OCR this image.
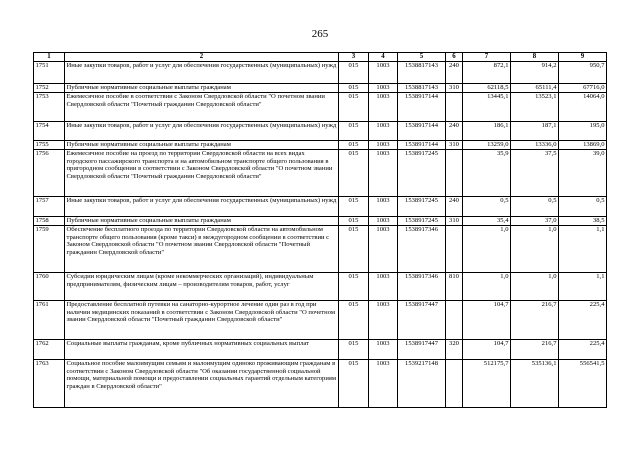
265
1	2	3	4	5	6	7	8	9
1751	Иные закупки товаров, работ и услуг для обеспечения государственных (муниципальных) нужд	015	1003	1538817143	240	872,1	914,2	950,7
1752	Публичные нормативные социальные выплаты гражданам	015	1003	1538817143	310	62118,5	65111,4	67716,0
1753	Ежемесячное пособие в соответствии с Законом Свердловской области "О почетном звании Свердловской области "Почетный гражданин Свердловской области"	015	1003	1538917144		13445,1	13523,1	14064,0
1754	Иные закупки товаров, работ и услуг для обеспечения государственных (муниципальных) нужд	015	1003	1538917144	240	186,1	187,1	195,0
1755	Публичные нормативные социальные выплаты гражданам	015	1003	1538917144	310	13259,0	13336,0	13869,0
1756	Ежемесячное пособие на проезд по территории Свердловской области на всех видах городского пассажирского транспорта и на автомобильном транспорте общего пользования в пригородном сообщении в соответствии с Законом Свердловской области "О почетном звании Свердловской области "Почетный гражданин Свердловской области"	015	1003	1538917245		35,9	37,5	39,0
1757	Иные закупки товаров, работ и услуг для обеспечения государственных (муниципальных) нужд	015	1003	1538917245	240	0,5	0,5	0,5
1758	Публичные нормативные социальные выплаты гражданам	015	1003	1538917245	310	35,4	37,0	38,5
1759	Обеспечение бесплатного проезда по территории Свердловской области на автомобильном транспорте общего пользования (кроме такси) в междугородном сообщении в соответствии с Законом Свердловской области "О почетном звании Свердловской области "Почетный гражданин Свердловской области"	015	1003	1538917346		1,0	1,0	1,1
1760	Субсидии юридическим лицам (кроме некоммерческих организаций), индивидуальным предпринимателям, физическим лицам – производителям товаров, работ, услуг	015	1003	1538917346	810	1,0	1,0	1,1
1761	Предоставление бесплатной путевки на санаторно-курортное лечение один раз в год при наличии медицинских показаний в соответствии с Законом Свердловской области "О почетном звании Свердловской области "Почетный гражданин Свердловской области"	015	1003	1538917447		104,7	216,7	225,4
1762	Социальные выплаты гражданам, кроме публичных нормативных социальных выплат	015	1003	1538917447	320	104,7	216,7	225,4
1763	Социальное пособие малоимущим семьям и малоимущим одиноко проживающим гражданам в соответствии с Законом Свердловской области "Об оказании государственной социальной помощи, материальной помощи и предоставлении социальных гарантий отдельным категориям граждан в Свердловской области"	015	1003	1539217148		512175,7	535136,1	556541,5
